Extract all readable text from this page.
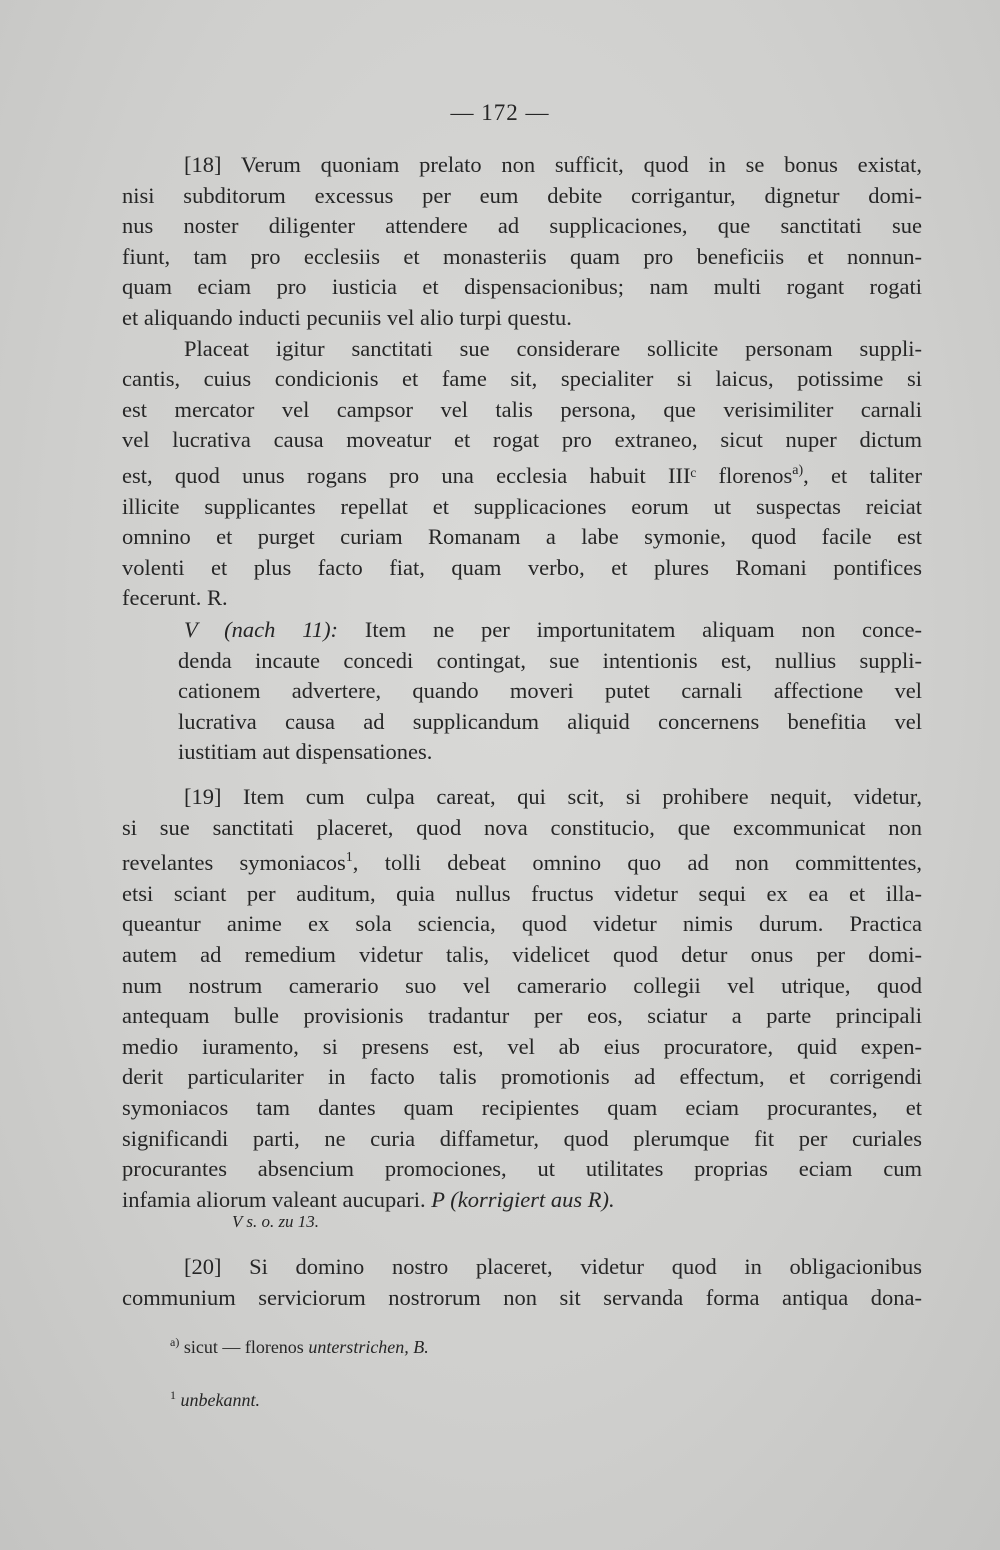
— 172 —
[18] Verum quoniam prelato non sufficit, quod in se bonus existat,
nisi subditorum excessus per eum debite corrigantur, dignetur domi-
nus noster diligenter attendere ad supplicaciones, que sanctitati sue
fiunt, tam pro ecclesiis et monasteriis quam pro beneficiis et nonnun-
quam eciam pro iusticia et dispensacionibus; nam multi rogant rogati
et aliquando inducti pecuniis vel alio turpi questu.
Placeat igitur sanctitati sue considerare sollicite personam suppli-
cantis, cuius condicionis et fame sit, specialiter si laicus, potissime si
est mercator vel campsor vel talis persona, que verisimiliter carnali
vel lucrativa causa moveatur et rogat pro extraneo, sicut nuper dictum
est, quod unus rogans pro una ecclesia habuit IIIᶜ florenos$^{a)}$, et taliter
illicite supplicantes repellat et supplicaciones eorum ut suspectas reiciat
omnino et purget curiam Romanam a labe symonie, quod facile est
volenti et plus facto fiat, quam verbo, et plures Romani pontifices
fecerunt. R.
V (nach 11): Item ne per importunitatem aliquam non conce-
denda incaute concedi contingat, sue intentionis est, nullius suppli-
cationem advertere, quando moveri putet carnali affectione vel
lucrativa causa ad supplicandum aliquid concernens benefitia vel
iustitiam aut dispensationes.
[19] Item cum culpa careat, qui scit, si prohibere nequit, videtur,
si sue sanctitati placeret, quod nova constitucio, que excommunicat non
revelantes symoniacos$^1$, tolli debeat omnino quo ad non committentes,
etsi sciant per auditum, quia nullus fructus videtur sequi ex ea et illa-
queantur anime ex sola sciencia, quod videtur nimis durum. Practica
autem ad remedium videtur talis, videlicet quod detur onus per domi-
num nostrum camerario suo vel camerario collegii vel utrique, quod
antequam bulle provisionis tradantur per eos, sciatur a parte principali
medio iuramento, si presens est, vel ab eius procuratore, quid expen-
derit particulariter in facto talis promotionis ad effectum, et corrigendi
symoniacos tam dantes quam recipientes quam eciam procurantes, et
significandi parti, ne curia diffametur, quod plerumque fit per curiales
procurantes absencium promociones, ut utilitates proprias eciam cum
infamia aliorum valeant aucupari. P (korrigiert aus R).
V s. o. zu 13.
[20] Si domino nostro placeret, videtur quod in obligacionibus
communium serviciorum nostrorum non sit servanda forma antiqua dona-
$^{a)}$ sicut — florenos unterstrichen, B.
$^1$ unbekannt.
